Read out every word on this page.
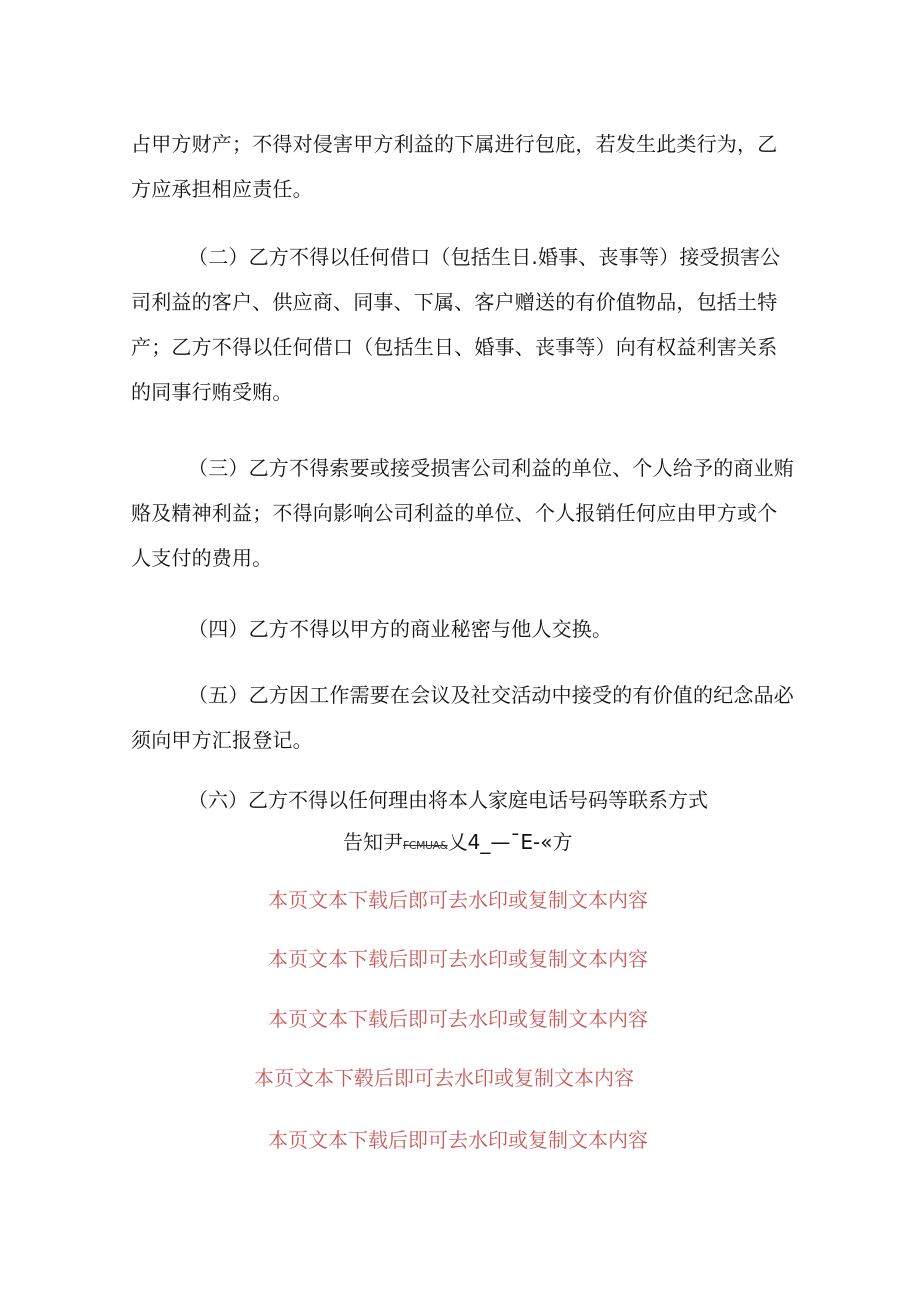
占甲方财产；不得对侵害甲方利益的下属进行包庇，若发生此类行为，乙方应承担相应责任。

（二）乙方不得以任何借口（包括生日.婚事、丧事等）接受损害公司利益的客户、供应商、同事、下属、客户赠送的有价值物品，包括土特产；乙方不得以任何借口（包括生日、婚事、丧事等）向有权益利害关系的同事行贿受贿。

（三）乙方不得索要或接受损害公司利益的单位、个人给予的商业贿赂及精神利益；不得向影响公司利益的单位、个人报销任何应由甲方或个人支付的费用。

（四）乙方不得以甲方的商业秘密与他人交换。

（五）乙方因工作需要在会议及社交活动中接受的有价值的纪念品必须向甲方汇报登记。

（六）乙方不得以任何理由将本人家庭电话号码等联系方式

告知尹FCMUA&乂4_—¯E-«方

本页文本下载后郎可去水印或复制文本内容

本页文本下载后即可去水印或复制文本内容

本页文本下载后即可去水印或复制文本内容

本页文本下毂后即可去水印或复制文本内容

本页文本下载后即可去水印或复制文本内容
